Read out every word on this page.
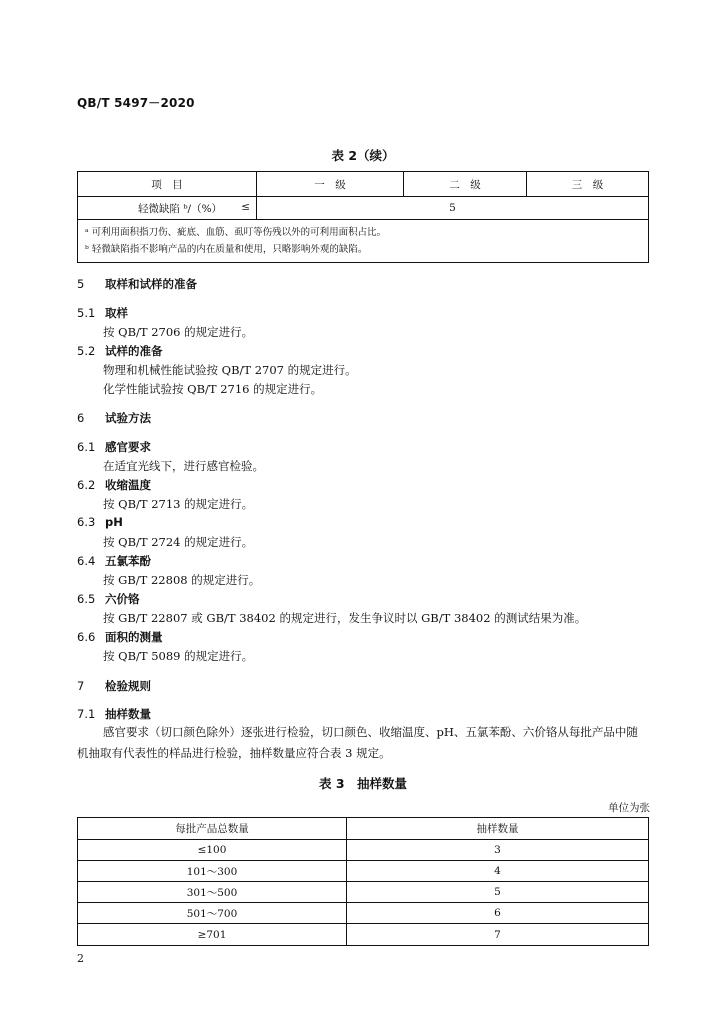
QB/T 5497－2020
表 2（续）
项　目	一　级	二　级	三　级
轻微缺陷 ᵇ/（%） ≤	5		

ᵃ 可利用面积指刀伤、疵底、血筋、虱叮等伤残以外的可利用面积占比。
ᵇ 轻微缺陷指不影响产品的内在质量和使用，只略影响外观的缺陷。			
5 取样和试样的准备
5.1 取样
按 QB/T 2706 的规定进行。
5.2 试样的准备
物理和机械性能试验按 QB/T 2707 的规定进行。
化学性能试验按 QB/T 2716 的规定进行。
6 试验方法
6.1 感官要求
在适宜光线下，进行感官检验。
6.2 收缩温度
按 QB/T 2713 的规定进行。
6.3 pH
按 QB/T 2724 的规定进行。
6.4 五氯苯酚
按 GB/T 22808 的规定进行。
6.5 六价铬
按 GB/T 22807 或 GB/T 38402 的规定进行，发生争议时以 GB/T 38402 的测试结果为准。
6.6 面积的测量
按 QB/T 5089 的规定进行。
7 检验规则
7.1 抽样数量
感官要求（切口颜色除外）逐张进行检验，切口颜色、收缩温度、pH、五氯苯酚、六价铬从每批产品中随机抽取有代表性的样品进行检验，抽样数量应符合表 3 规定。
表 3　抽样数量
单位为张
每批产品总数量	抽样数量
≤100	3
101～300	4
301～500	5
501～700	6
≥701	7
2
